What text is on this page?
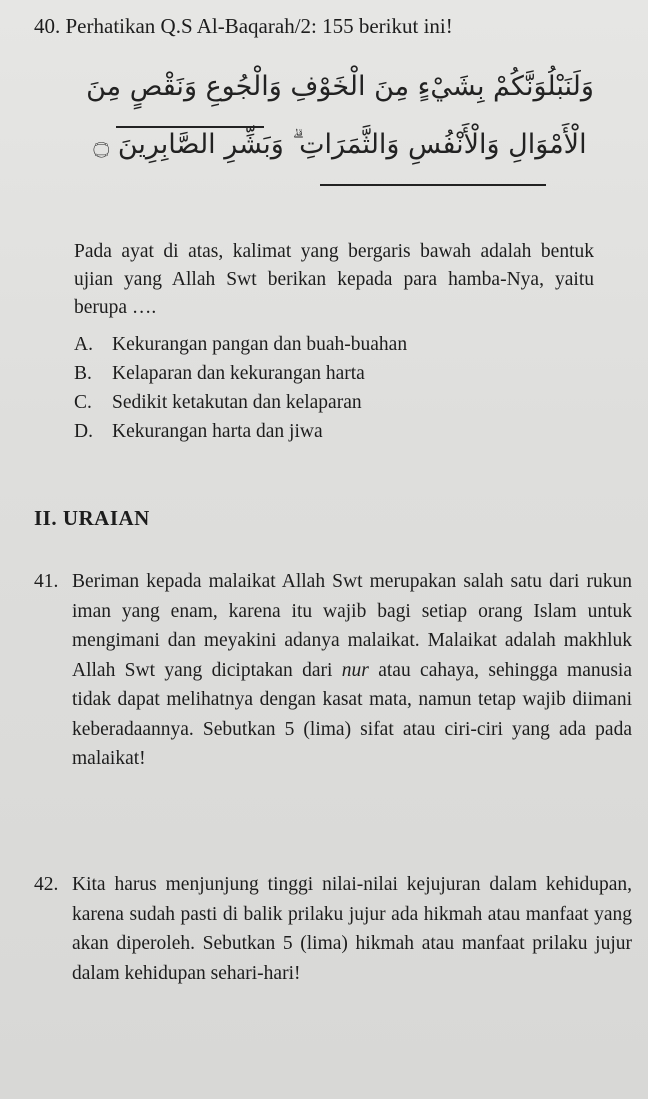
40. Perhatikan Q.S Al-Baqarah/2: 155 berikut ini!
وَلَنَبْلُوَنَّكُمْ بِشَيْءٍ مِنَ الْخَوْفِ وَالْجُوعِ وَنَقْصٍ مِنَ
الْأَمْوَالِ وَالْأَنْفُسِ وَالثَّمَرَاتِ ۗ وَبَشِّرِ الصَّابِرِينَ ۝
Pada ayat di atas, kalimat yang bergaris bawah adalah bentuk ujian yang Allah Swt berikan kepada para hamba-Nya, yaitu berupa ….
A. Kekurangan pangan dan buah-buahan
B.	Kelaparan dan kekurangan harta
C.	Sedikit ketakutan dan kelaparan
D. Kekurangan harta dan jiwa
II. URAIAN
41. Beriman kepada malaikat Allah Swt merupakan salah satu dari rukun iman yang enam, karena itu wajib bagi setiap orang Islam untuk mengimani dan meyakini adanya malaikat. Malaikat adalah makhluk Allah Swt yang diciptakan dari nur atau cahaya, sehingga manusia tidak dapat melihatnya dengan kasat mata, namun tetap wajib diimani keberadaannya. Sebutkan 5 (lima) sifat atau ciri-ciri yang ada pada malaikat!
42. Kita harus menjunjung tinggi nilai-nilai kejujuran dalam kehidupan, karena sudah pasti di balik prilaku jujur ada hikmah atau manfaat yang akan diperoleh. Sebutkan 5 (lima) hikmah atau manfaat prilaku jujur dalam kehidupan sehari-hari!
